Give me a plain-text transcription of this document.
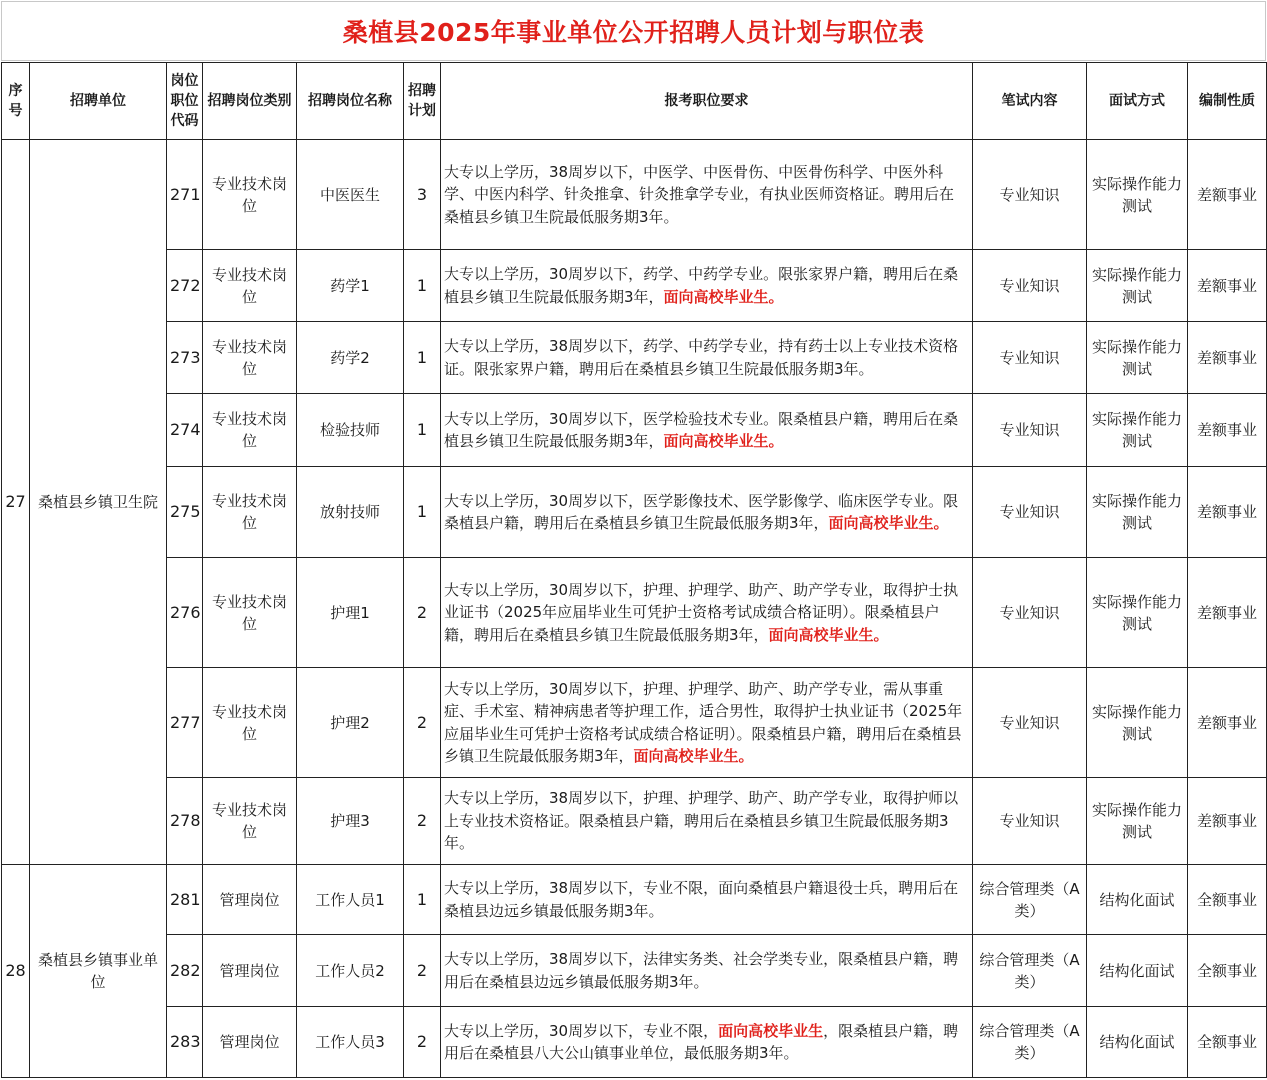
桑植县2025年事业单位公开招聘人员计划与职位表
序号	招聘单位	岗位职位代码	招聘岗位类别	招聘岗位名称	招聘计划	报考职位要求	笔试内容	面试方式	编制性质
27	桑植县乡镇卫生院	271	专业技术岗位	中医医生	3	大专以上学历，38周岁以下，中医学、中医骨伤、中医骨伤科学、中医外科学、中医内科学、针灸推拿、针灸推拿学专业，有执业医师资格证。聘用后在桑植县乡镇卫生院最低服务期3年。	专业知识	实际操作能力测试	差额事业
		272	专业技术岗位	药学1	1	大专以上学历，30周岁以下，药学、中药学专业。限张家界户籍，聘用后在桑植县乡镇卫生院最低服务期3年，面向高校毕业生。	专业知识	实际操作能力测试	差额事业
		273	专业技术岗位	药学2	1	大专以上学历，38周岁以下，药学、中药学专业，持有药士以上专业技术资格证。限张家界户籍，聘用后在桑植县乡镇卫生院最低服务期3年。	专业知识	实际操作能力测试	差额事业
		274	专业技术岗位	检验技师	1	大专以上学历，30周岁以下，医学检验技术专业。限桑植县户籍，聘用后在桑植县乡镇卫生院最低服务期3年，面向高校毕业生。	专业知识	实际操作能力测试	差额事业
		275	专业技术岗位	放射技师	1	大专以上学历，30周岁以下，医学影像技术、医学影像学、临床医学专业。限桑植县户籍，聘用后在桑植县乡镇卫生院最低服务期3年，面向高校毕业生。	专业知识	实际操作能力测试	差额事业
		276	专业技术岗位	护理1	2	大专以上学历，30周岁以下，护理、护理学、助产、助产学专业，取得护士执业证书（2025年应届毕业生可凭护士资格考试成绩合格证明）。限桑植县户籍，聘用后在桑植县乡镇卫生院最低服务期3年，面向高校毕业生。	专业知识	实际操作能力测试	差额事业
		277	专业技术岗位	护理2	2	大专以上学历，30周岁以下，护理、护理学、助产、助产学专业，需从事重症、手术室、精神病患者等护理工作，适合男性，取得护士执业证书（2025年应届毕业生可凭护士资格考试成绩合格证明）。限桑植县户籍，聘用后在桑植县乡镇卫生院最低服务期3年，面向高校毕业生。	专业知识	实际操作能力测试	差额事业
		278	专业技术岗位	护理3	2	大专以上学历，38周岁以下，护理、护理学、助产、助产学专业，取得护师以上专业技术资格证。限桑植县户籍，聘用后在桑植县乡镇卫生院最低服务期3年。	专业知识	实际操作能力测试	差额事业
28	桑植县乡镇事业单位	281	管理岗位	工作人员1	1	大专以上学历，38周岁以下，专业不限，面向桑植县户籍退役士兵，聘用后在桑植县边远乡镇最低服务期3年。	综合管理类（A 类）	结构化面试	全额事业
		282	管理岗位	工作人员2	2	大专以上学历，38周岁以下，法律实务类、社会学类专业，限桑植县户籍，聘用后在桑植县边远乡镇最低服务期3年。	综合管理类（A 类）	结构化面试	全额事业
		283	管理岗位	工作人员3	2	大专以上学历，30周岁以下，专业不限，面向高校毕业生，限桑植县户籍，聘用后在桑植县八大公山镇事业单位，最低服务期3年。	综合管理类（A 类）	结构化面试	全额事业
